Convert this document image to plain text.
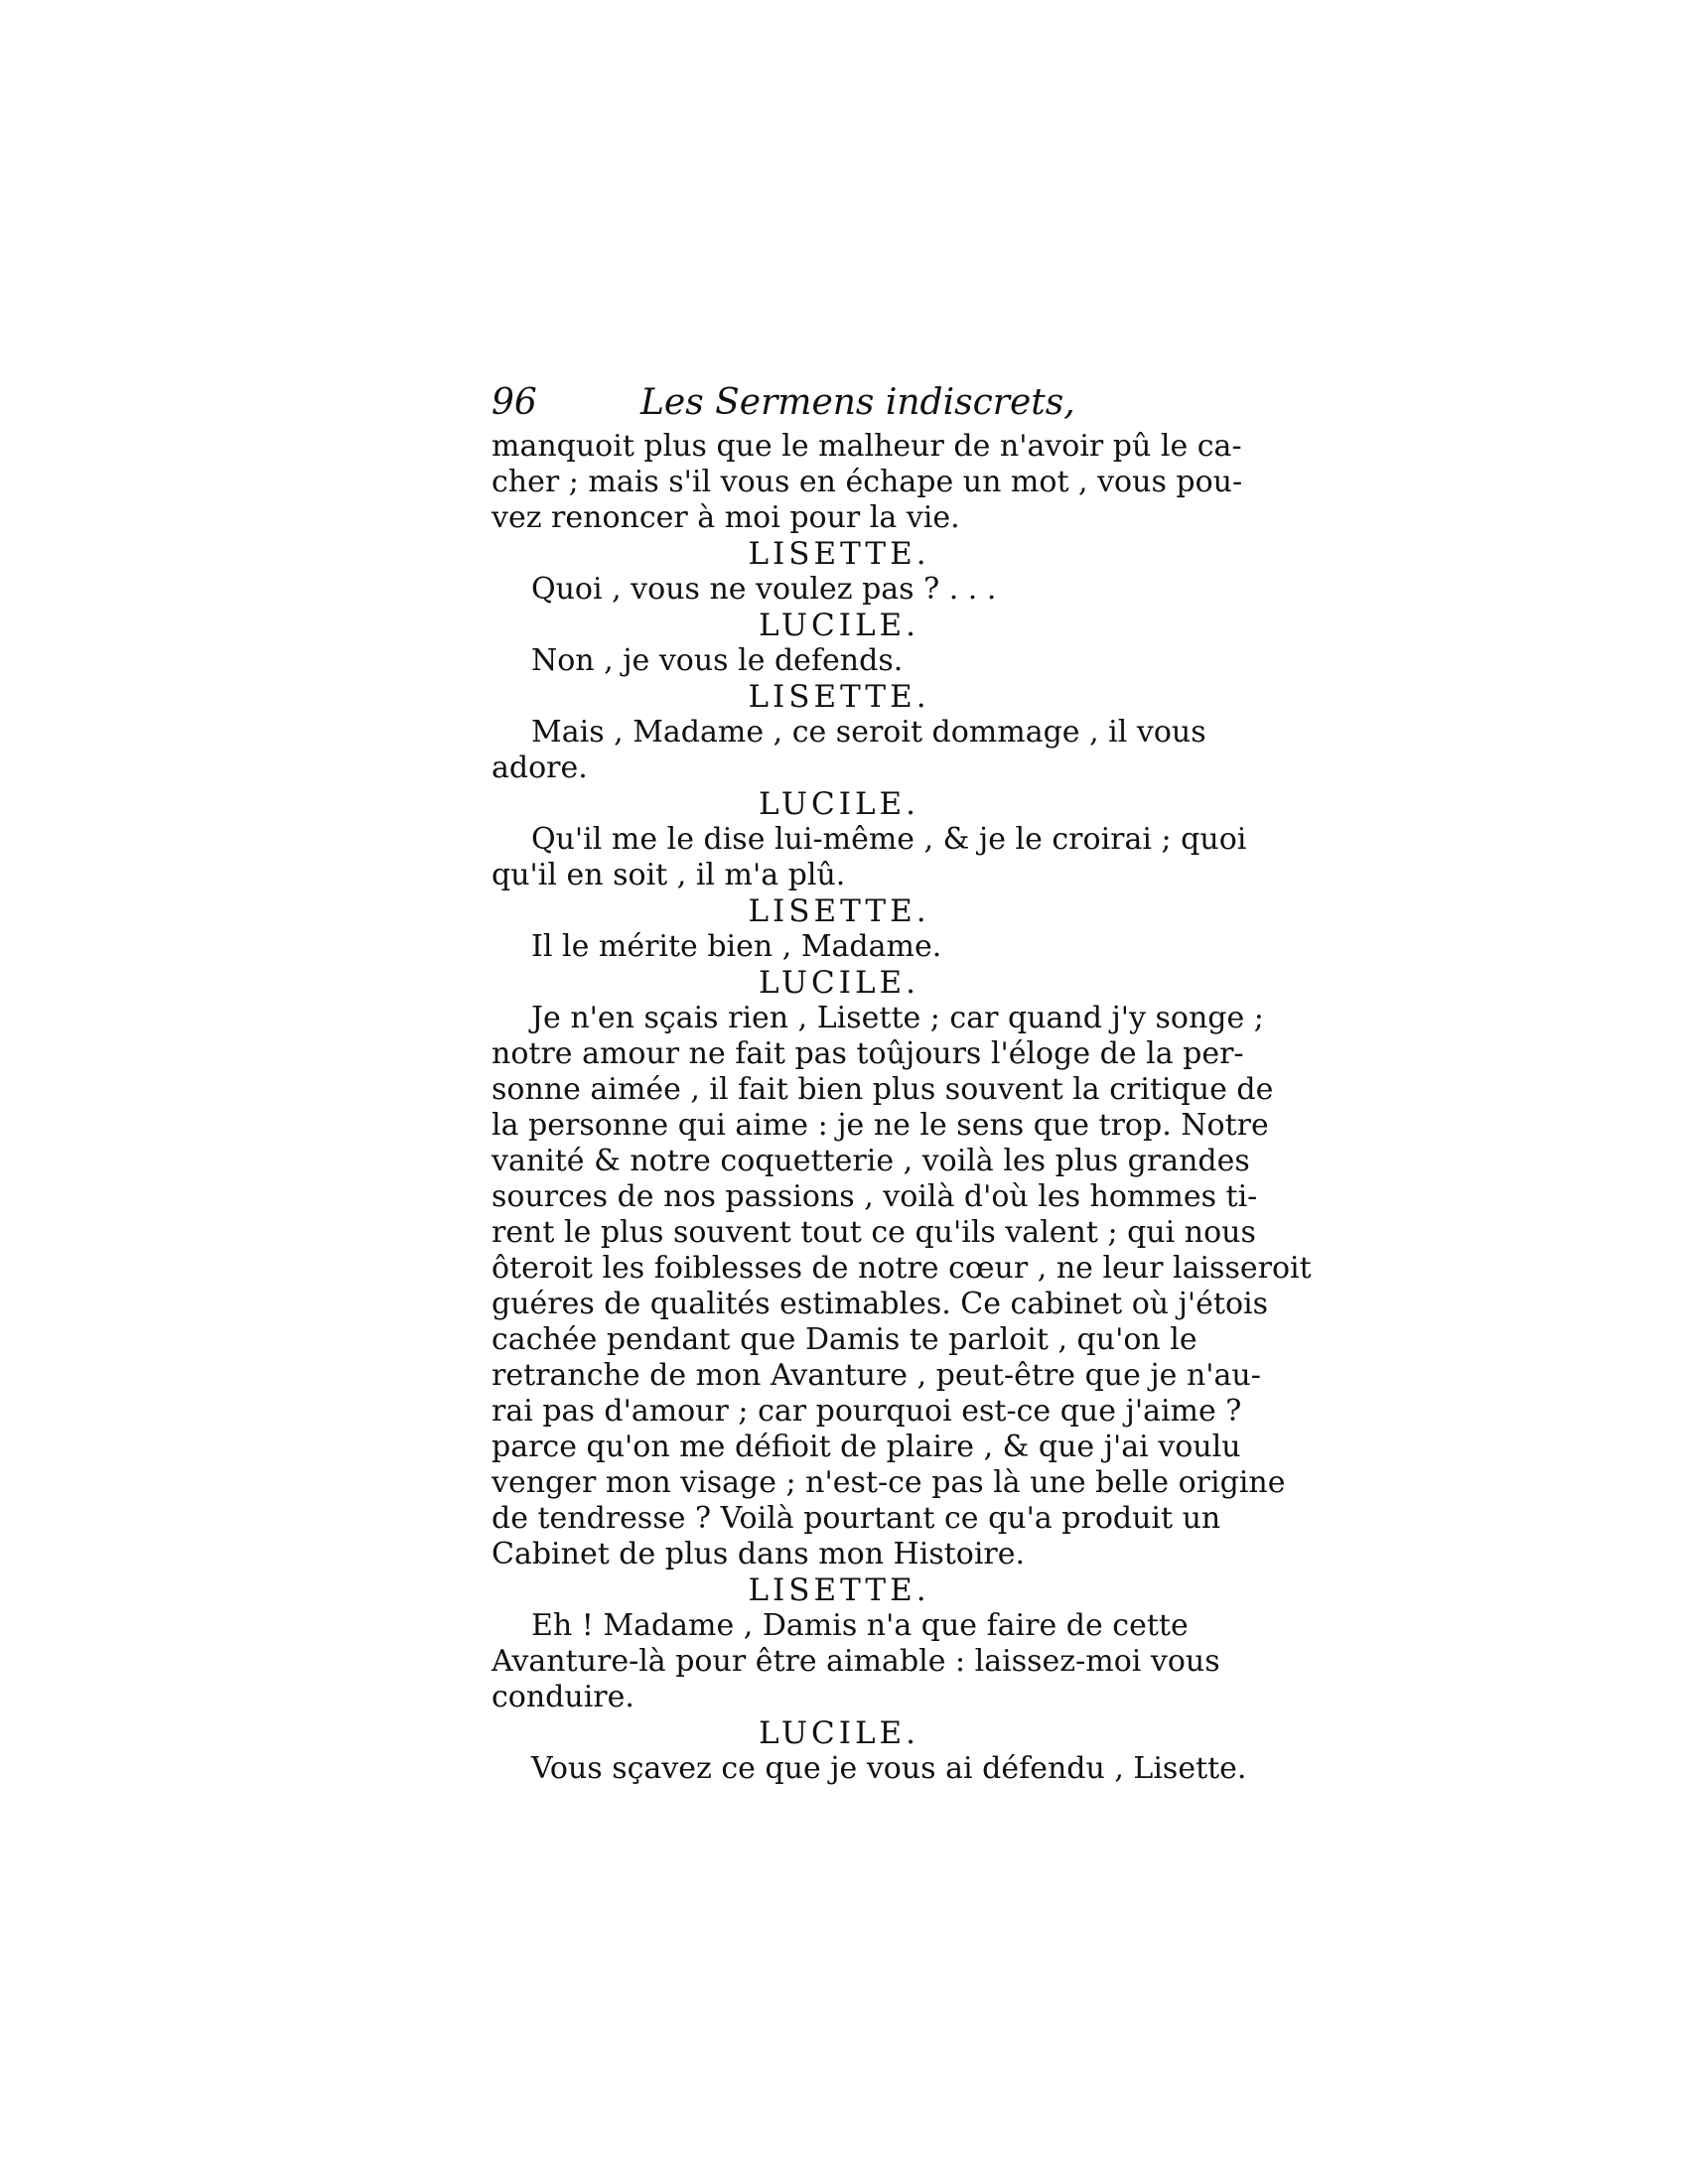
96	Les Sermens indiscrets,

manquoit plus que le malheur de n'avoir pû le ca-

cher ; mais s'il vous en échape un mot , vous pou-

vez renoncer à moi pour la vie.

LISETTE.

Quoi , vous ne voulez pas ? . . .

LUCILE.

Non , je vous le defends.

LISETTE.

Mais , Madame , ce seroit dommage , il vous

adore.

LUCILE.

Qu'il me le dise lui-même , & je le croirai ; quoi

qu'il en soit , il m'a plû.

LISETTE.

Il le mérite bien , Madame.

LUCILE.

Je n'en sçais rien , Lisette ; car quand j'y songe ;

notre amour ne fait pas toûjours l'éloge de la per-

sonne aimée , il fait bien plus souvent la critique de

la personne qui aime : je ne le sens que trop. Notre

vanité & notre coquetterie , voilà les plus grandes

sources de nos passions , voilà d'où les hommes ti-

rent le plus souvent tout ce qu'ils valent ; qui nous

ôteroit les foiblesses de notre cœur , ne leur laisseroit

guéres de qualités estimables. Ce cabinet où j'étois

cachée pendant que Damis te parloit , qu'on le

retranche de mon Avanture , peut-être que je n'au-

rai pas d'amour ; car pourquoi est-ce que j'aime ?

parce qu'on me défioit de plaire , & que j'ai voulu

venger mon visage ; n'est-ce pas là une belle origine

de tendresse ? Voilà pourtant ce qu'a produit un

Cabinet de plus dans mon Histoire.

LISETTE.

Eh ! Madame , Damis n'a que faire de cette

Avanture-là pour être aimable : laissez-moi vous

conduire.

LUCILE.

Vous sçavez ce que je vous ai défendu , Lisette.
